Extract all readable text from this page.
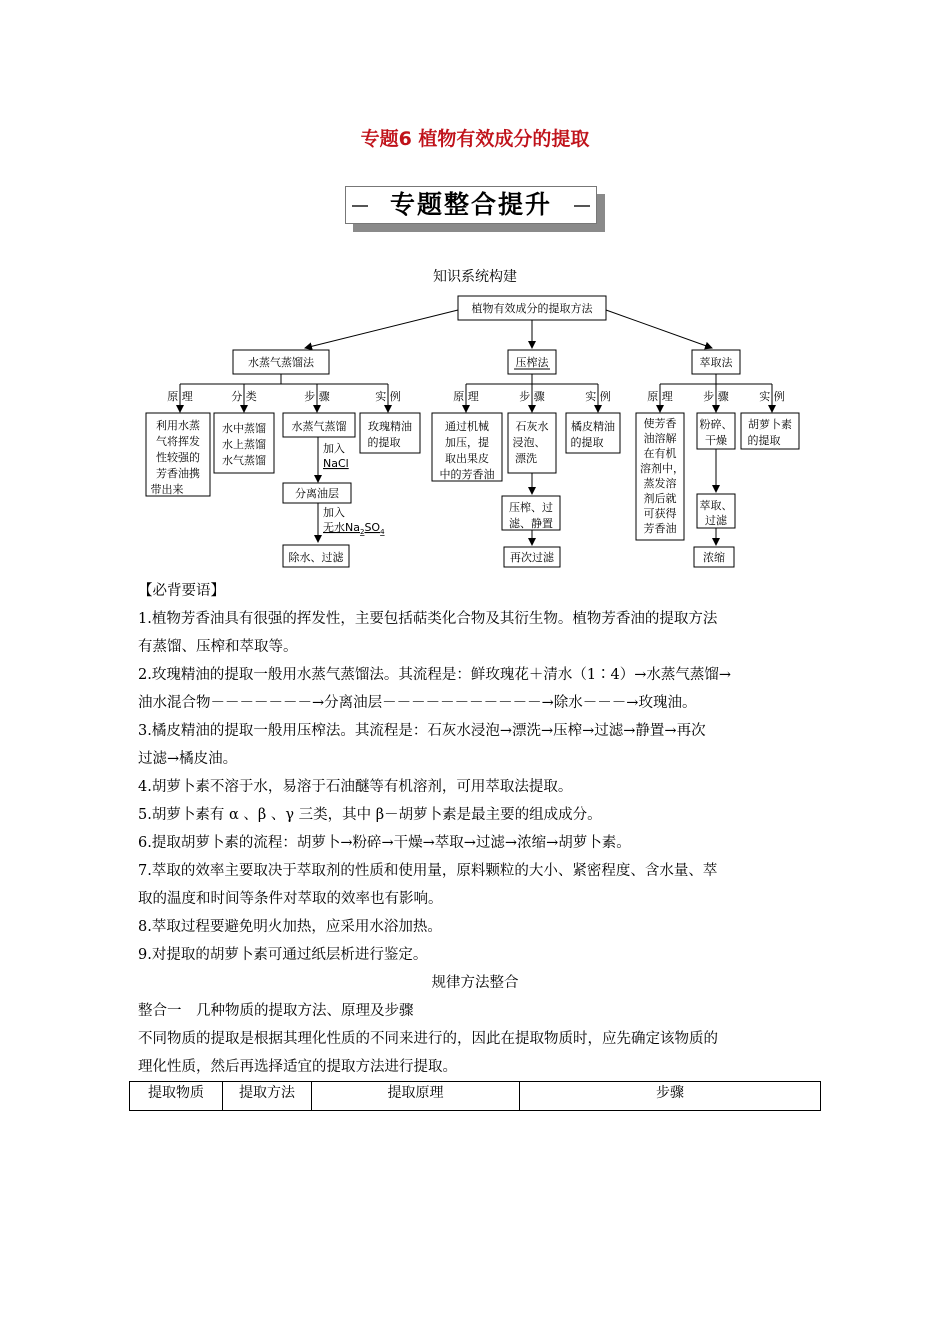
专题6 植物有效成分的提取
专题整合提升
知识系统构建
植物有效成分的提取方法
水蒸气蒸馏法	压榨法	萃取法
原 理	分 类	步 骤	实 例
利用水蒸
气将挥发
性较强的
芳香油携
带出来
水中蒸馏
水上蒸馏
水气蒸馏
水蒸气蒸馏
加入
NaCl
分离油层
加入
无水$Na_2SO_4$
除水、过滤
玫瑰精油
的提取
原 理	步 骤	实 例
通过机械
加压，提
取出果皮
中的芳香油
石灰水
浸泡、
漂洗
压榨、过
滤、静置
再次过滤
橘皮精油
的提取
原 理	步 骤	实 例
使芳香
油溶解
在有机
溶剂中，
蒸发溶
剂后就
可获得
芳香油
粉碎、
干燥
萃取、
过滤
浓缩
胡萝卜素
的提取
【必背要语】
1.植物芳香油具有很强的挥发性，主要包括萜类化合物及其衍生物。植物芳香油的提取方法
有蒸馏、压榨和萃取等。
2.玫瑰精油的提取一般用水蒸气蒸馏法。其流程是：鲜玫瑰花＋清水（1∶4）→水蒸气蒸馏→
油水混合物－－－－－－－→分离油层－－－－－－－－－－－→除水－－－→玫瑰油。
3.橘皮精油的提取一般用压榨法。其流程是：石灰水浸泡→漂洗→压榨→过滤→静置→再次
过滤→橘皮油。
4.胡萝卜素不溶于水，易溶于石油醚等有机溶剂，可用萃取法提取。
5.胡萝卜素有 α 、β 、γ 三类，其中 β－胡萝卜素是最主要的组成成分。
6.提取胡萝卜素的流程：胡萝卜→粉碎→干燥→萃取→过滤→浓缩→胡萝卜素。
7.萃取的效率主要取决于萃取剂的性质和使用量，原料颗粒的大小、紧密程度、含水量、萃
取的温度和时间等条件对萃取的效率也有影响。
8.萃取过程要避免明火加热，应采用水浴加热。
9.对提取的胡萝卜素可通过纸层析进行鉴定。
规律方法整合
整合一　几种物质的提取方法、原理及步骤
不同物质的提取是根据其理化性质的不同来进行的，因此在提取物质时，应先确定该物质的
理化性质，然后再选择适宜的提取方法进行提取。
提取物质	提取方法	提取原理	步骤
